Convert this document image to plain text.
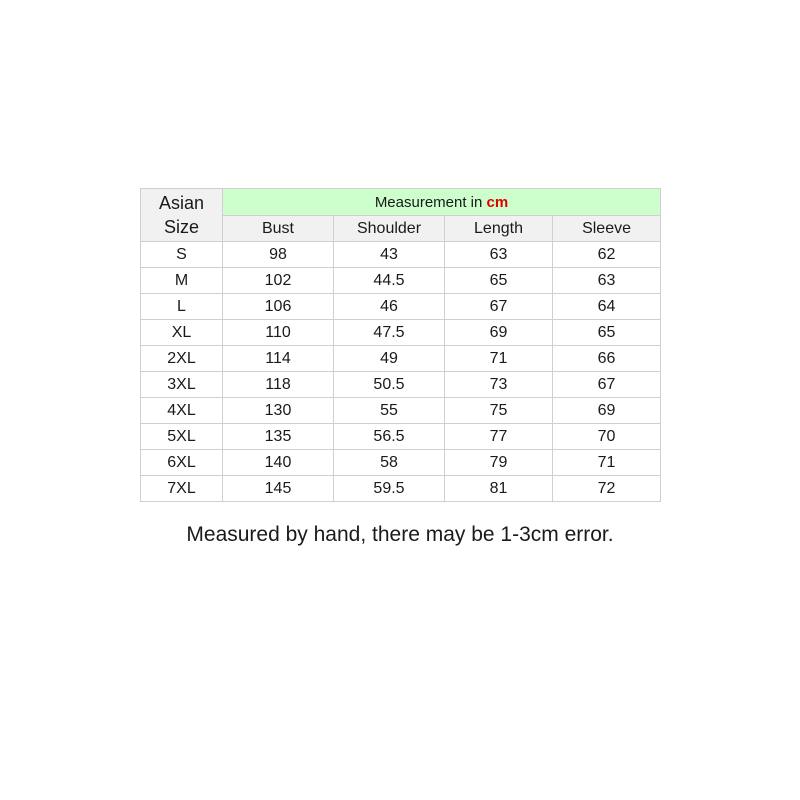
Asian
Size	Measurement in cm			
	Bust	Shoulder	Length	Sleeve
S	98	43	63	62
M	102	44.5	65	63
L	106	46	67	64
XL	110	47.5	69	65
2XL	114	49	71	66
3XL	118	50.5	73	67
4XL	130	55	75	69
5XL	135	56.5	77	70
6XL	140	58	79	71
7XL	145	59.5	81	72
Measured by hand, there may be 1-3cm error.
